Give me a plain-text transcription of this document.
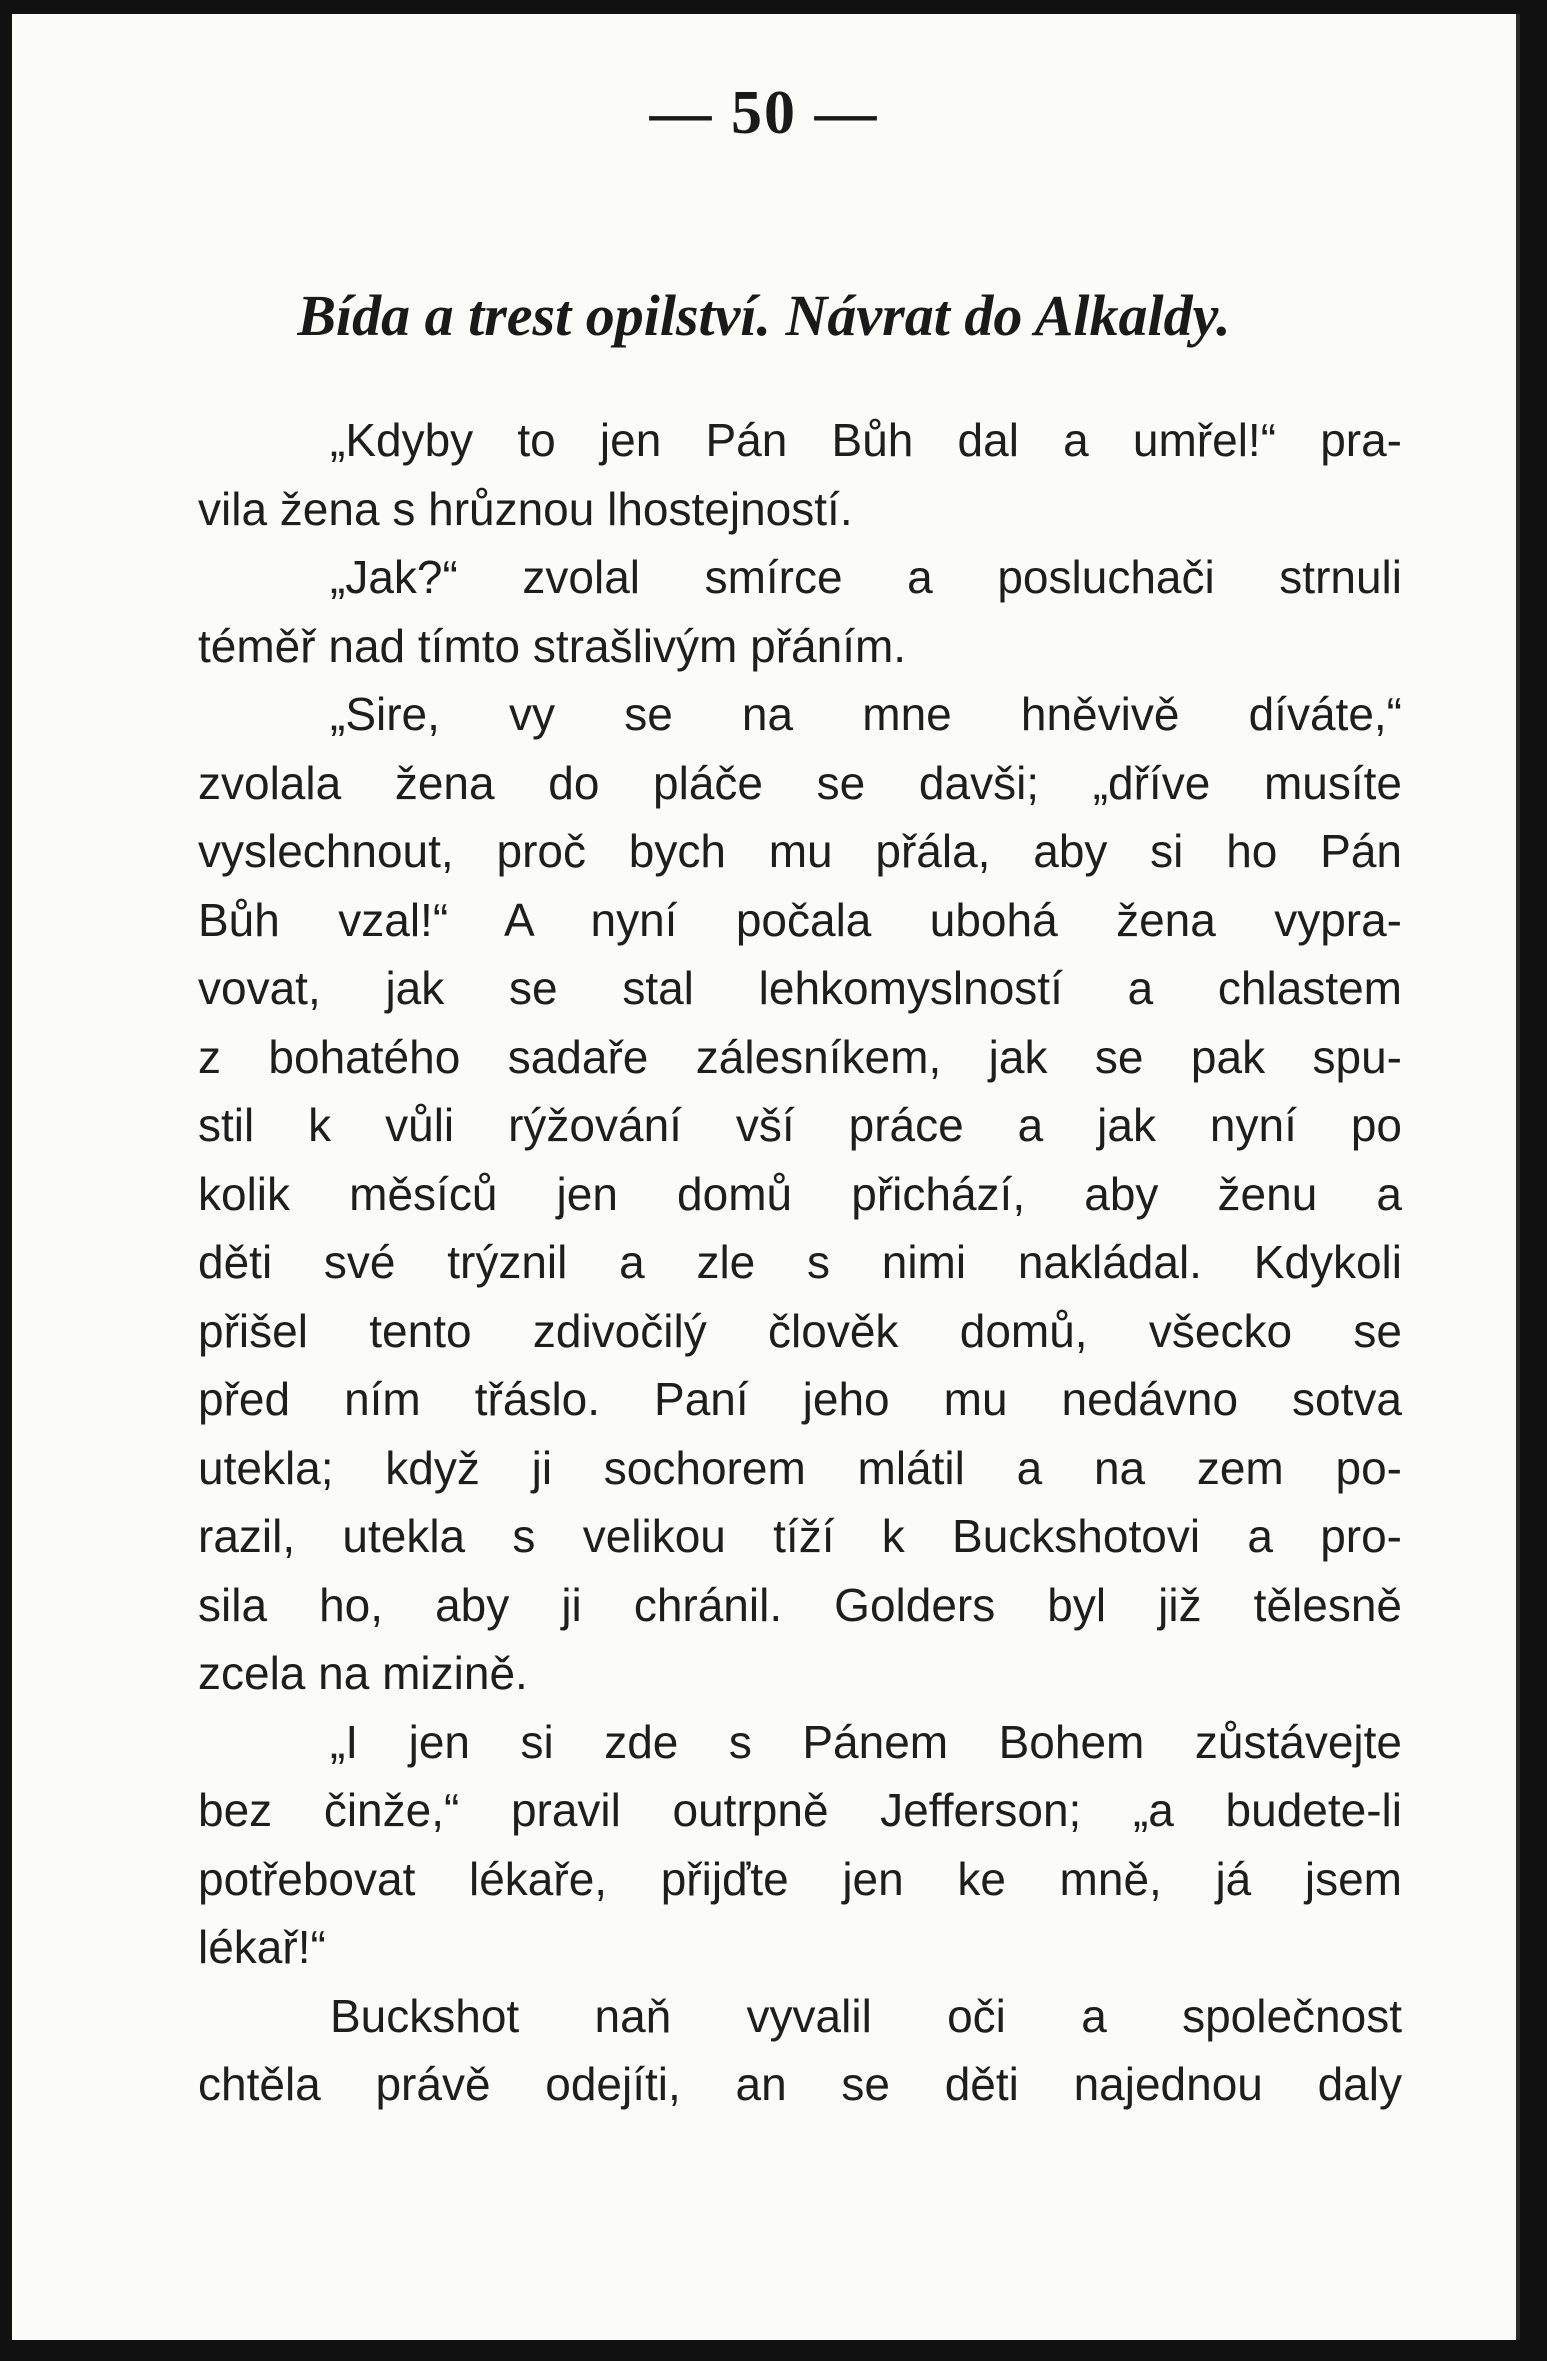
— 50 —
Bída a trest opilství. Návrat do Alkaldy.
„Kdyby to jen Pán Bůh dal a umřel!“ pra-
vila žena s hrůznou lhostejností.
„Jak?“ zvolal smírce a posluchači strnuli
téměř nad tímto strašlivým přáním.
„Sire, vy se na mne hněvivě díváte,“
zvolala žena do pláče se davši; „dříve musíte
vyslechnout, proč bych mu přála, aby si ho Pán
Bůh vzal!“ A nyní počala ubohá žena vypra-
vovat, jak se stal lehkomyslností a chlastem
z bohatého sadaře zálesníkem, jak se pak spu-
stil k vůli rýžování vší práce a jak nyní po
kolik měsíců jen domů přichází, aby ženu a
děti své trýznil a zle s nimi nakládal. Kdykoli
přišel tento zdivočilý člověk domů, všecko se
před ním třáslo. Paní jeho mu nedávno sotva
utekla; když ji sochorem mlátil a na zem po-
razil, utekla s velikou tíží k Buckshotovi a pro-
sila ho, aby ji chránil. Golders byl již tělesně
zcela na mizině.
„I jen si zde s Pánem Bohem zůstávejte
bez činže,“ pravil outrpně Jefferson; „a budete-li
potřebovat lékaře, přijďte jen ke mně, já jsem
lékař!“
Buckshot naň vyvalil oči a společnost
chtěla právě odejíti, an se děti najednou daly
